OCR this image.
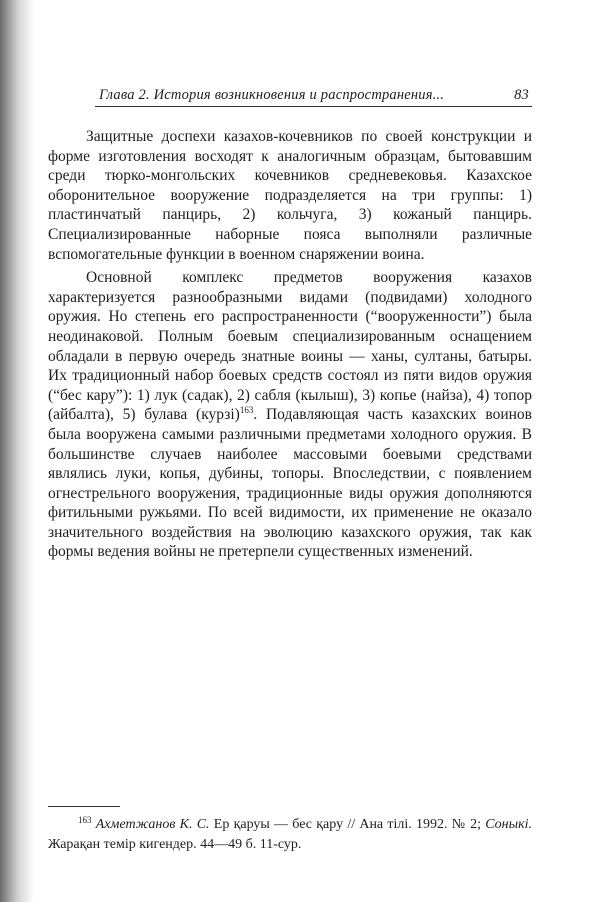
Глава 2. История возникновения и распространения...	83

Защитные доспехи казахов-кочевников по своей конструкции и форме изготовления восходят к аналогичным образцам, бытовавшим среди тюрко-монгольских кочевников средневековья. Казахское оборонительное вооружение подразделяется на три группы: 1) пластинчатый панцирь, 2) кольчуга, 3) кожаный панцирь. Специализированные наборные пояса выполняли различные вспомогательные функции в военном снаряжении воина.

Основной комплекс предметов вооружения казахов характеризуется разнообразными видами (подвидами) холодного оружия. Но степень его распространенности (“вооруженности”) была неодинаковой. Полным боевым специализированным оснащением обладали в первую очередь знатные воины — ханы, султаны, батыры. Их традиционный набор боевых средств состоял из пяти видов оружия (“бес кару”): 1) лук (садак), 2) сабля (кылыш), 3) копье (найза), 4) топор (айбалта), 5) булава (курзі)$^{163}$. Подавляющая часть казахских воинов была вооружена самыми различными предметами холодного оружия. В большинстве случаев наиболее массовыми боевыми средствами являлись луки, копья, дубины, топоры. Впоследствии, с появлением огнестрельного вооружения, традиционные виды оружия дополняются фитильными ружьями. По всей видимости, их применение не оказало значительного воздействия на эволюцию казахского оружия, так как формы ведения войны не претерпели существенных изменений.

$^{163}$ Ахметжанов К. С. Ер қаруы — бес қару // Ана тілі. 1992. № 2; Соныкі. Жарақан темір кигендер. 44—49 б. 11-сур.
